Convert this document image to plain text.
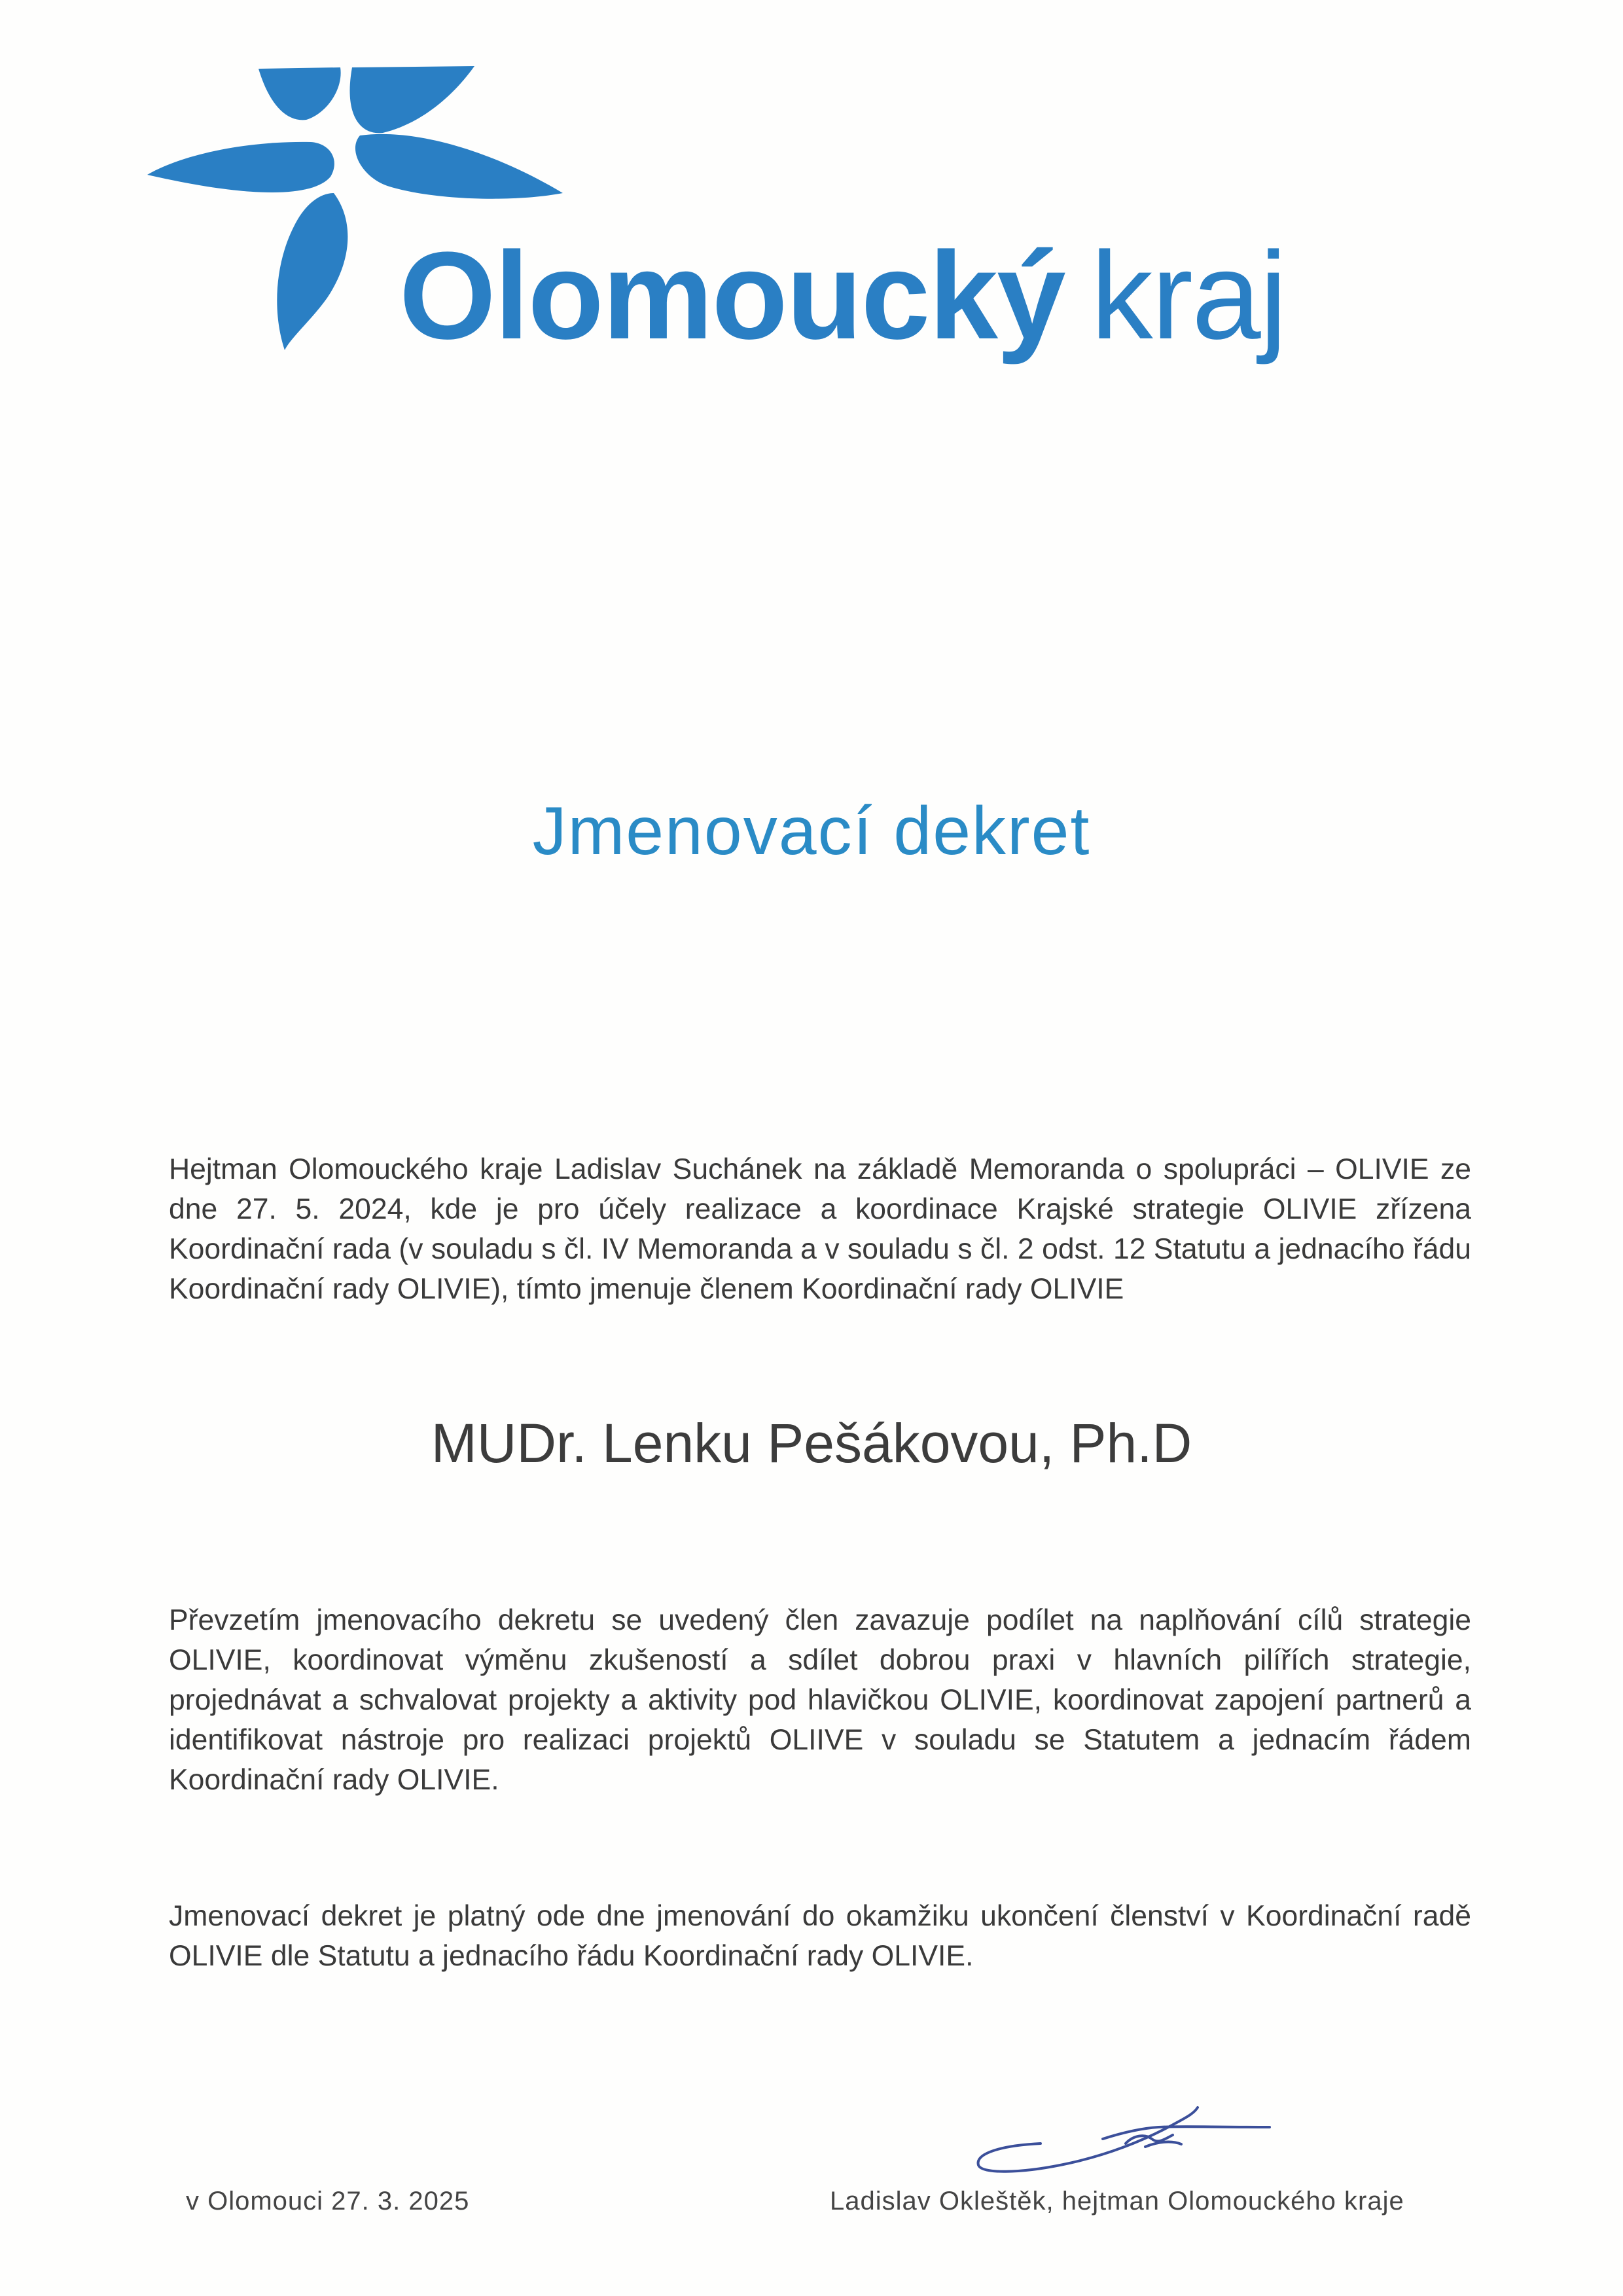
Olomoucký kraj
Jmenovací dekret
Hejtman Olomouckého kraje Ladislav Suchánek na základě Memoranda o spolupráci – OLIVIE ze dne 27. 5. 2024, kde je pro účely realizace a koordinace Krajské strategie OLIVIE zřízena Koordinační rada (v souladu s čl. IV Memoranda a v souladu s čl. 2 odst. 12 Statutu a jednacího řádu Koordinační rady OLIVIE), tímto jmenuje členem Koordinační rady OLIVIE
MUDr. Lenku Pešákovou, Ph.D
Převzetím jmenovacího dekretu se uvedený člen zavazuje podílet na naplňování cílů strategie OLIVIE, koordinovat výměnu zkušeností a sdílet dobrou praxi v hlavních pilířích strategie, projednávat a schvalovat projekty a aktivity pod hlavičkou OLIVIE, koordinovat zapojení partnerů a identifikovat nástroje pro realizaci projektů OLIIVE v souladu se Statutem a jednacím řádem Koordinační rady OLIVIE.
Jmenovací dekret je platný ode dne jmenování do okamžiku ukončení členství v Koordinační radě OLIVIE dle Statutu a jednacího řádu Koordinační rady OLIVIE.
v Olomouci 27. 3. 2025	Ladislav Okleštěk, hejtman Olomouckého kraje
